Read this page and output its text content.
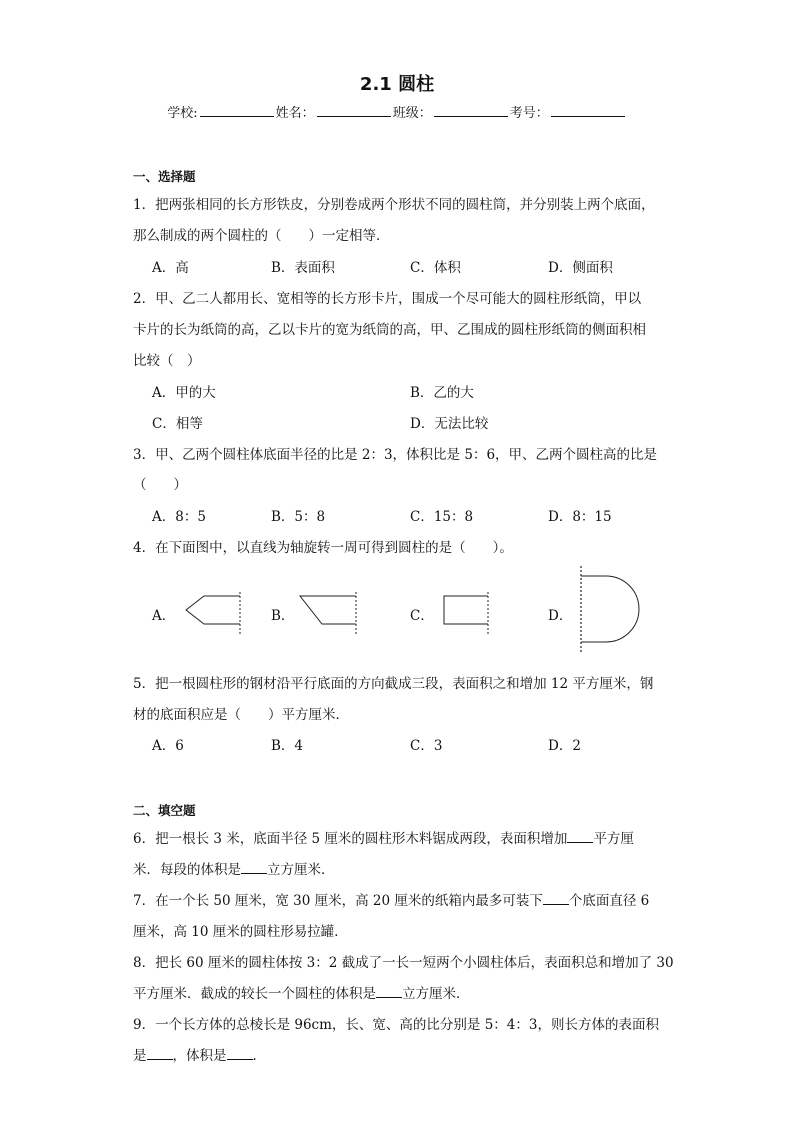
2.1 圆柱
学校:	姓名：	班级：	考号：
一、选择题
1．把两张相同的长方形铁皮，分别卷成两个形状不同的圆柱筒，并分别装上两个底面，
那么制成的两个圆柱的（　　）一定相等．
A．高	B．表面积	C．体积	D．侧面积
2．甲、乙二人都用长、宽相等的长方形卡片，围成一个尽可能大的圆柱形纸筒，甲以
卡片的长为纸筒的高，乙以卡片的宽为纸筒的高，甲、乙围成的圆柱形纸筒的侧面积相
比较（　）
A．甲的大	B．乙的大
C．相等	D．无法比较
3．甲、乙两个圆柱体底面半径的比是 2：3，体积比是 5：6，甲、乙两个圆柱高的比是
（　　）
A．8：5	B．5：8	C．15：8	D．8：15
4．在下面图中，以直线为轴旋转一周可得到圆柱的是（　　）。
A．	B．	C．	D．
5．把一根圆柱形的钢材沿平行底面的方向截成三段，表面积之和增加 12 平方厘米，钢
材的底面积应是（　　）平方厘米．
A．6	B．4	C．3	D．2
二、填空题
6．把一根长 3 米，底面半径 5 厘米的圆柱形木料锯成两段，表面积增加 平方厘
米．每段的体积是 立方厘米．
7．在一个长 50 厘米，宽 30 厘米，高 20 厘米的纸箱内最多可装下 个底面直径 6
厘米，高 10 厘米的圆柱形易拉罐．
8．把长 60 厘米的圆柱体按 3：2 截成了一长一短两个小圆柱体后，表面积总和增加了 30
平方厘米．截成的较长一个圆柱的体积是 立方厘米．
9．一个长方体的总棱长是 96cm，长、宽、高的比分别是 5：4：3，则长方体的表面积
是 ，体积是 ．
